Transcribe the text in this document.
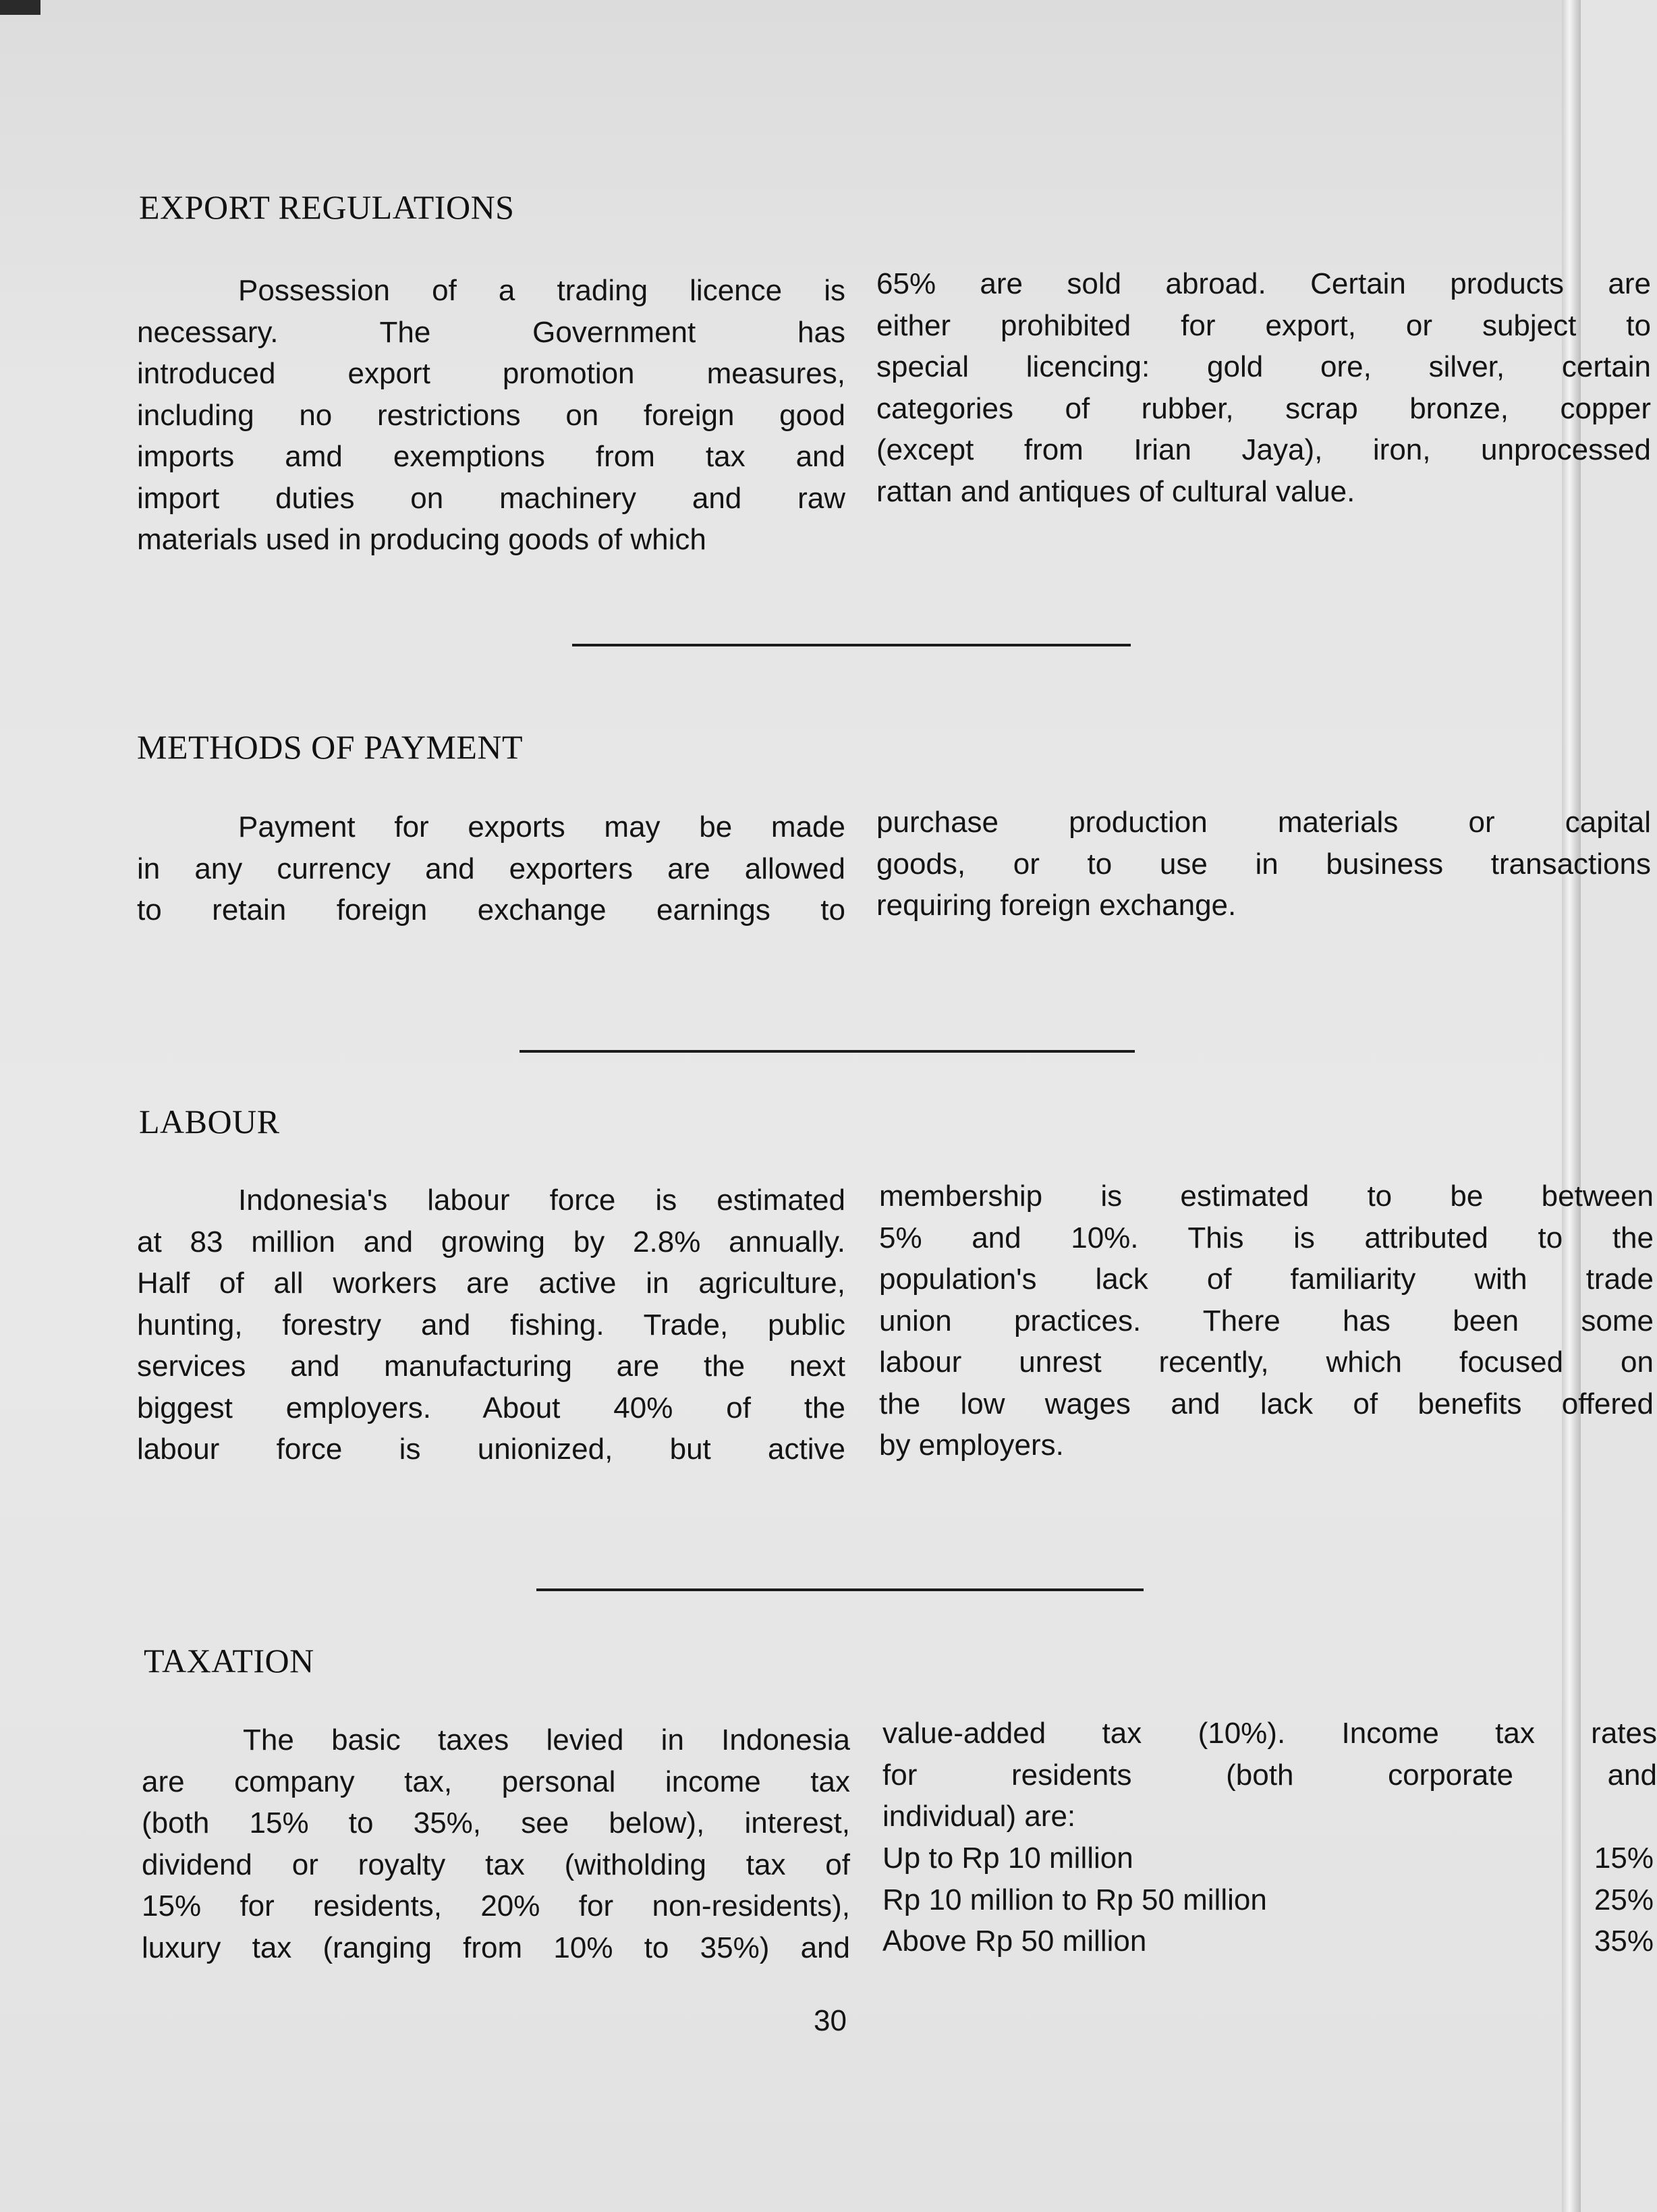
EXPORT REGULATIONS
Possession of a trading licence is
necessary. The Government has
introduced export promotion measures,
including no restrictions on foreign good
imports amd exemptions from tax and
import duties on machinery and raw
materials used in producing goods of which
65% are sold abroad. Certain products are
either prohibited for export, or subject to
special licencing: gold ore, silver, certain
categories of rubber, scrap bronze, copper
(except from Irian Jaya), iron, unprocessed
rattan and antiques of cultural value.
METHODS OF PAYMENT
Payment for exports may be made
in any currency and exporters are allowed
to retain foreign exchange earnings to
purchase production materials or capital
goods, or to use in business transactions
requiring foreign exchange.
LABOUR
Indonesia's labour force is estimated
at 83 million and growing by 2.8% annually.
Half of all workers are active in agriculture,
hunting, forestry and fishing. Trade, public
services and manufacturing are the next
biggest employers. About 40% of the
labour force is unionized, but active
membership is estimated to be between
5% and 10%. This is attributed to the
population's lack of familiarity with trade
union practices. There has been some
labour unrest recently, which focused on
the low wages and lack of benefits offered
by employers.
TAXATION
The basic taxes levied in Indonesia
are company tax, personal income tax
(both 15% to 35%, see below), interest,
dividend or royalty tax (witholding tax of
15% for residents, 20% for non-residents),
luxury tax (ranging from 10% to 35%) and
value-added tax (10%). Income tax rates
for residents (both corporate and
individual) are:
Up to Rp 10 million	15%
Rp 10 million to Rp 50 million	25%
Above Rp 50 million	35%
30
